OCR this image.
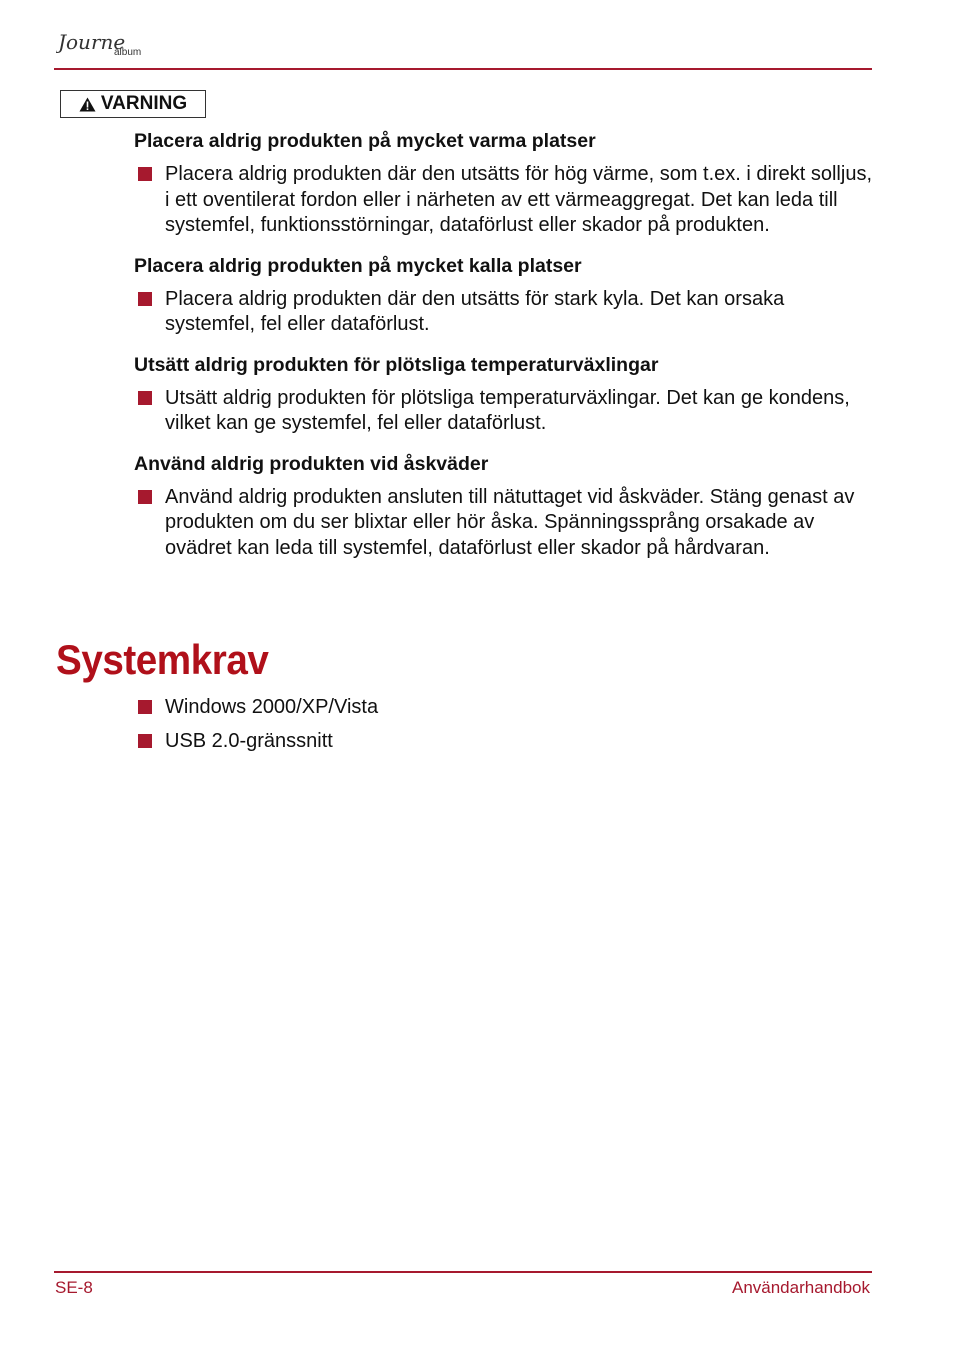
Journe
album
VARNING
Placera aldrig produkten på mycket varma platser
Placera aldrig produkten där den utsätts för hög värme, som t.ex. i direkt solljus, i ett oventilerat fordon eller i närheten av ett värmeaggregat. Det kan leda till systemfel, funktionsstörningar, dataförlust eller skador på produkten.
Placera aldrig produkten på mycket kalla platser
Placera aldrig produkten där den utsätts för stark kyla. Det kan orsaka systemfel, fel eller dataförlust.
Utsätt aldrig produkten för plötsliga temperaturväxlingar
Utsätt aldrig produkten för plötsliga temperaturväxlingar. Det kan ge kondens, vilket kan ge systemfel, fel eller dataförlust.
Använd aldrig produkten vid åskväder
Använd aldrig produkten ansluten till nätuttaget vid åskväder. Stäng genast av produkten om du ser blixtar eller hör åska. Spänningssprång orsakade av ovädret kan leda till systemfel, dataförlust eller skador på hårdvaran.
Systemkrav
Windows 2000/XP/Vista
USB 2.0-gränssnitt
SE-8	Användarhandbok
